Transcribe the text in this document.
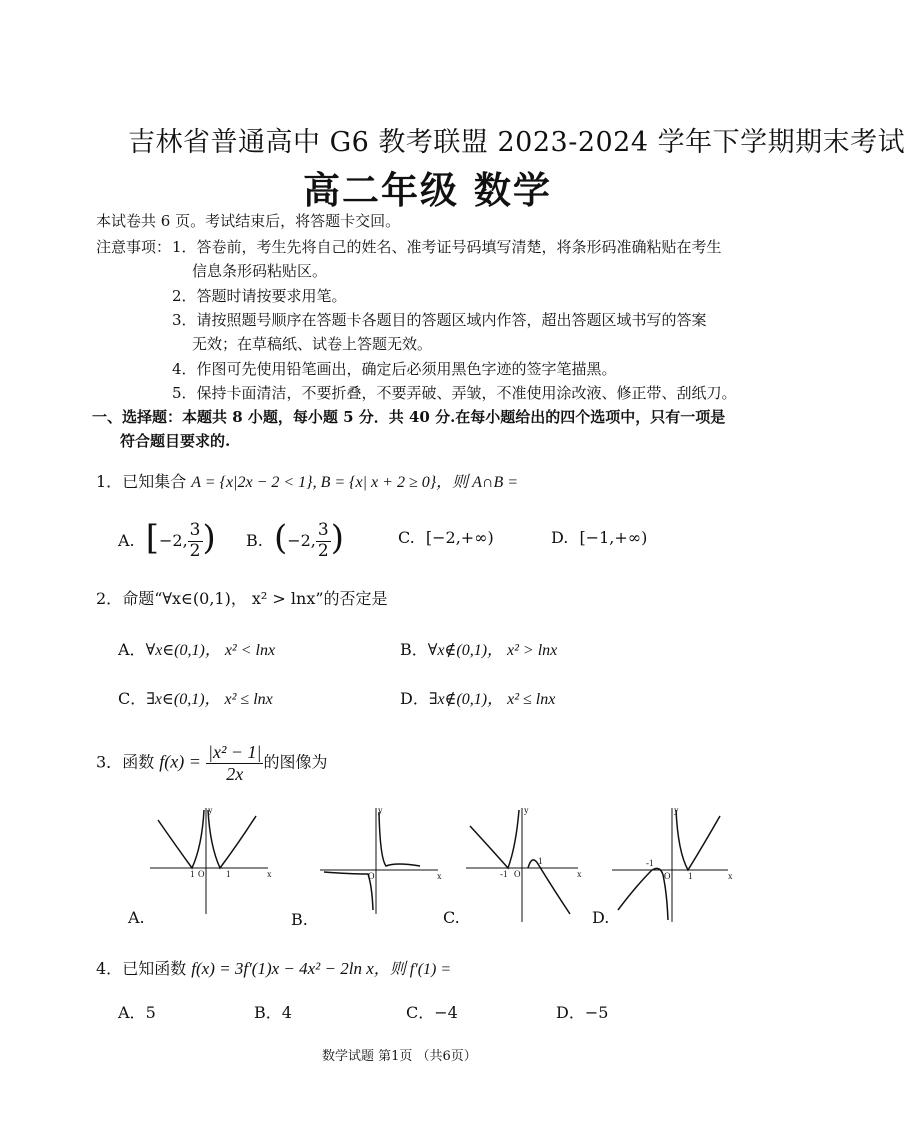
吉林省普通高中 G6 教考联盟 2023-2024 学年下学期期末考试
高二年级 数学
本试卷共 6 页。考试结束后，将答题卡交回。
注意事项： 1．答卷前，考生先将自己的姓名、准考证号码填写清楚，将条形码准确粘贴在考生
信息条形码粘贴区。
2．答题时请按要求用笔。
3．请按照题号顺序在答题卡各题目的答题区域内作答，超出答题区域书写的答案
无效；在草稿纸、试卷上答题无效。
4．作图可先使用铅笔画出，确定后必须用黑色字迹的签字笔描黑。
5．保持卡面清洁，不要折叠，不要弄破、弄皱，不准使用涂改液、修正带、刮纸刀。
一、选择题：本题共 8 小题，每小题 5 分．共 40 分.在每小题给出的四个选项中，只有一项是
符合题目要求的.
1．已知集合 A = {x|2x − 2 < 1}, B = {x| x + 2 ≥ 0}，则 A∩B =
A. [−2, $\frac{3}{2}$ ) B. (−2, $\frac{3}{2}$ )	C. [−2,+∞)	D. [−1,+∞)
2．命题“∀x∈(0,1)， x² > lnx”的否定是
A．∀x∈(0,1)， x² < lnx	B．∀x∉(0,1)， x² > lnx
C．∃x∈(0,1)， x² ≤ lnx	D．∃x∉(0,1)， x² ≤ lnx
3．函数 $f(x) = \frac{\text{|x² − 1|}}{2x}$ 的图像为
y
x
1 O 1
A.
y
x
O
B.
y
x
-1 O
1
C.
y
x
-1
O 1
D.
4．已知函数 f(x) = 3f′(1)x − 4x² − 2ln x，则 f′(1) =
A．5	B．4	C．−4	D．−5
数学试题 第1页 （共6页）
